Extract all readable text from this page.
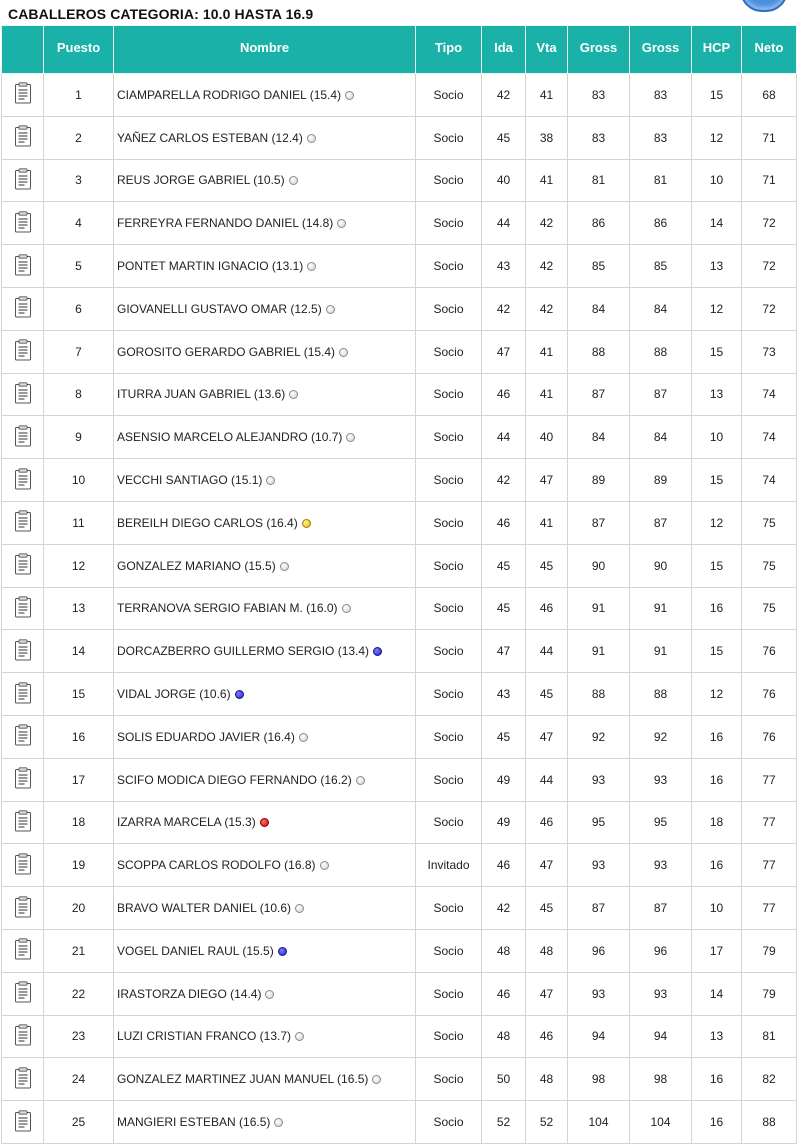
CABALLEROS CATEGORIA: 10.0 HASTA 16.9
	Puesto	Nombre	Tipo	Ida	Vta	Gross	Gross	HCP	Neto
	1	CIAMPARELLA RODRIGO DANIEL (15.4)	Socio	42	41	83	83	15	68
	2	YAÑEZ CARLOS ESTEBAN (12.4)	Socio	45	38	83	83	12	71
	3	REUS JORGE GABRIEL (10.5)	Socio	40	41	81	81	10	71
	4	FERREYRA FERNANDO DANIEL (14.8)	Socio	44	42	86	86	14	72
	5	PONTET MARTIN IGNACIO (13.1)	Socio	43	42	85	85	13	72
	6	GIOVANELLI GUSTAVO OMAR (12.5)	Socio	42	42	84	84	12	72
	7	GOROSITO GERARDO GABRIEL (15.4)	Socio	47	41	88	88	15	73
	8	ITURRA JUAN GABRIEL (13.6)	Socio	46	41	87	87	13	74
	9	ASENSIO MARCELO ALEJANDRO (10.7)	Socio	44	40	84	84	10	74
	10	VECCHI SANTIAGO (15.1)	Socio	42	47	89	89	15	74
	11	BEREILH DIEGO CARLOS (16.4)	Socio	46	41	87	87	12	75
	12	GONZALEZ MARIANO (15.5)	Socio	45	45	90	90	15	75
	13	TERRANOVA SERGIO FABIAN M. (16.0)	Socio	45	46	91	91	16	75
	14	DORCAZBERRO GUILLERMO SERGIO (13.4)	Socio	47	44	91	91	15	76
	15	VIDAL JORGE (10.6)	Socio	43	45	88	88	12	76
	16	SOLIS EDUARDO JAVIER (16.4)	Socio	45	47	92	92	16	76
	17	SCIFO MODICA DIEGO FERNANDO (16.2)	Socio	49	44	93	93	16	77
	18	IZARRA MARCELA (15.3)	Socio	49	46	95	95	18	77
	19	SCOPPA CARLOS RODOLFO (16.8)	Invitado	46	47	93	93	16	77
	20	BRAVO WALTER DANIEL (10.6)	Socio	42	45	87	87	10	77
	21	VOGEL DANIEL RAUL (15.5)	Socio	48	48	96	96	17	79
	22	IRASTORZA DIEGO (14.4)	Socio	46	47	93	93	14	79
	23	LUZI CRISTIAN FRANCO (13.7)	Socio	48	46	94	94	13	81
	24	GONZALEZ MARTINEZ JUAN MANUEL (16.5)	Socio	50	48	98	98	16	82
	25	MANGIERI ESTEBAN (16.5)	Socio	52	52	104	104	16	88
